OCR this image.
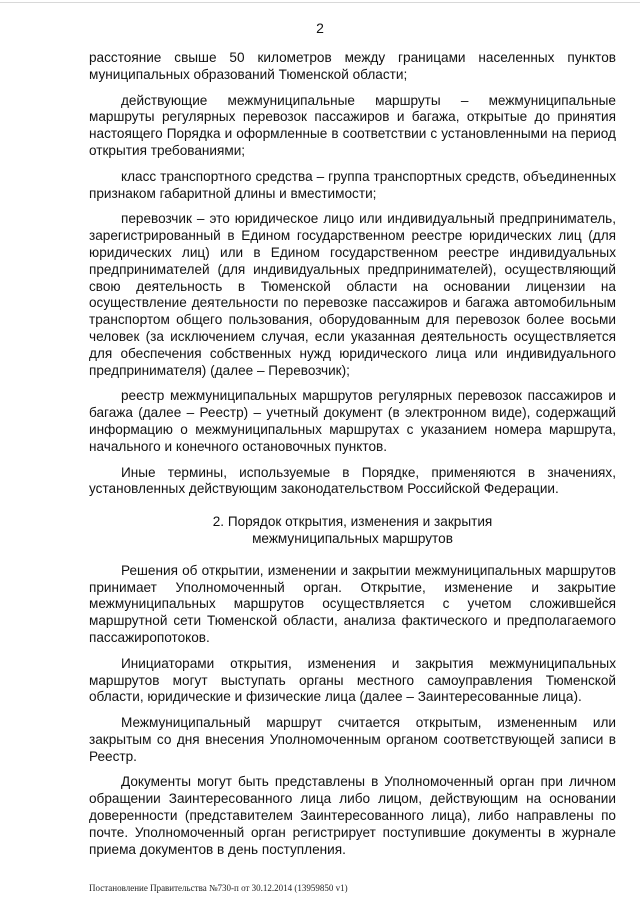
2

расстояние свыше 50 километров между границами населенных пунктов муниципальных образований Тюменской области;

действующие межмуниципальные маршруты – межмуниципальные маршруты регулярных перевозок пассажиров и багажа, открытые до принятия настоящего Порядка и оформленные в соответствии с установленными на период открытия требованиями;

класс транспортного средства – группа транспортных средств, объединенных признаком габаритной длины и вместимости;

перевозчик – это юридическое лицо или индивидуальный предприниматель, зарегистрированный в Едином государственном реестре юридических лиц (для юридических лиц) или в Едином государственном реестре индивидуальных предпринимателей (для индивидуальных предпринимателей), осуществляющий свою деятельность в Тюменской области на основании лицензии на осуществление деятельности по перевозке пассажиров и багажа автомобильным транспортом общего пользования, оборудованным для перевозок более восьми человек (за исключением случая, если указанная деятельность осуществляется для обеспечения собственных нужд юридического лица или индивидуального предпринимателя) (далее – Перевозчик);

реестр межмуниципальных маршрутов регулярных перевозок пассажиров и багажа (далее – Реестр) – учетный документ (в электронном виде), содержащий информацию о межмуниципальных маршрутах с указанием номера маршрута, начального и конечного остановочных пунктов.

Иные термины, используемые в Порядке, применяются в значениях, установленных действующим законодательством Российской Федерации.

2. Порядок открытия, изменения и закрытия
межмуниципальных маршрутов

Решения об открытии, изменении и закрытии межмуниципальных маршрутов принимает Уполномоченный орган. Открытие, изменение и закрытие межмуниципальных маршрутов осуществляется с учетом сложившейся маршрутной сети Тюменской области, анализа фактического и предполагаемого пассажиропотоков.

Инициаторами открытия, изменения и закрытия межмуниципальных маршрутов могут выступать органы местного самоуправления Тюменской области, юридические и физические лица (далее – Заинтересованные лица).

Межмуниципальный маршрут считается открытым, измененным или закрытым со дня внесения Уполномоченным органом соответствующей записи в Реестр.

Документы могут быть представлены в Уполномоченный орган при личном обращении Заинтересованного лица либо лицом, действующим на основании доверенности (представителем Заинтересованного лица), либо направлены по почте. Уполномоченный орган регистрирует поступившие документы в журнале приема документов в день поступления.

Постановление Правительства №730-п от 30.12.2014 (13959850 v1)
